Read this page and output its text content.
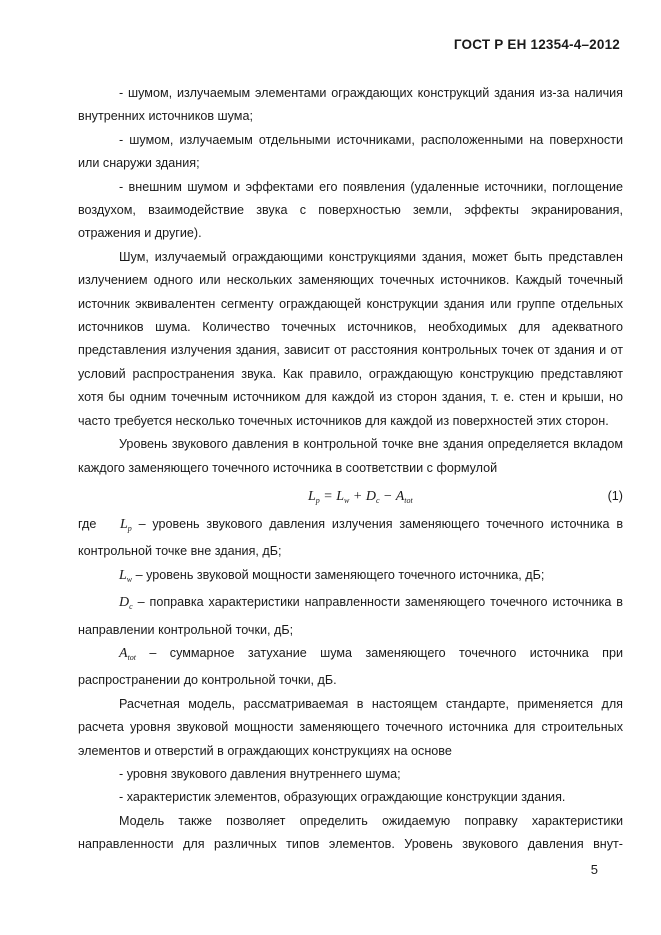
ГОСТ Р ЕН 12354-4–2012

- шумом, излучаемым элементами ограждающих конструкций здания из-за наличия внутренних источников шума;

- шумом, излучаемым отдельными источниками, расположенными на поверхности или снаружи здания;

- внешним шумом и эффектами его появления (удаленные источники, поглощение воздухом, взаимодействие звука с поверхностью земли, эффекты экранирования, отражения и другие).

Шум, излучаемый ограждающими конструкциями здания, может быть представлен излучением одного или нескольких заменяющих точечных источников. Каждый точечный источник эквивалентен сегменту ограждающей конструкции здания или группе отдельных источников шума. Количество точечных источников, необходимых для адекватного представления излучения здания, зависит от расстояния контрольных точек от здания и от условий распространения звука. Как правило, ограждающую конструкцию представляют хотя бы одним точечным источником для каждой из сторон здания, т. е. стен и крыши, но часто требуется несколько точечных источников для каждой из поверхностей этих сторон.

Уровень звукового давления в контрольной точке вне здания определяется вкладом каждого заменяющего точечного источника в соответствии с формулой

$L_p = L_w + D_c - A_{tot}$	(1)

где $L_p$ – уровень звукового давления излучения заменяющего точечного источника в контрольной точке вне здания, дБ;

$L_w$ – уровень звуковой мощности заменяющего точечного источника, дБ;

$D_c$ – поправка характеристики направленности заменяющего точечного источника в направлении контрольной точки, дБ;

$A_{tot}$ – суммарное затухание шума заменяющего точечного источника при распространении до контрольной точки, дБ.

Расчетная модель, рассматриваемая в настоящем стандарте, применяется для расчета уровня звуковой мощности заменяющего точечного источника для строительных элементов и отверстий в ограждающих конструкциях на основе

- уровня звукового давления внутреннего шума;

- характеристик элементов, образующих ограждающие конструкции здания.

Модель также позволяет определить ожидаемую поправку характеристики направленности для различных типов элементов. Уровень звукового давления внут-

5
